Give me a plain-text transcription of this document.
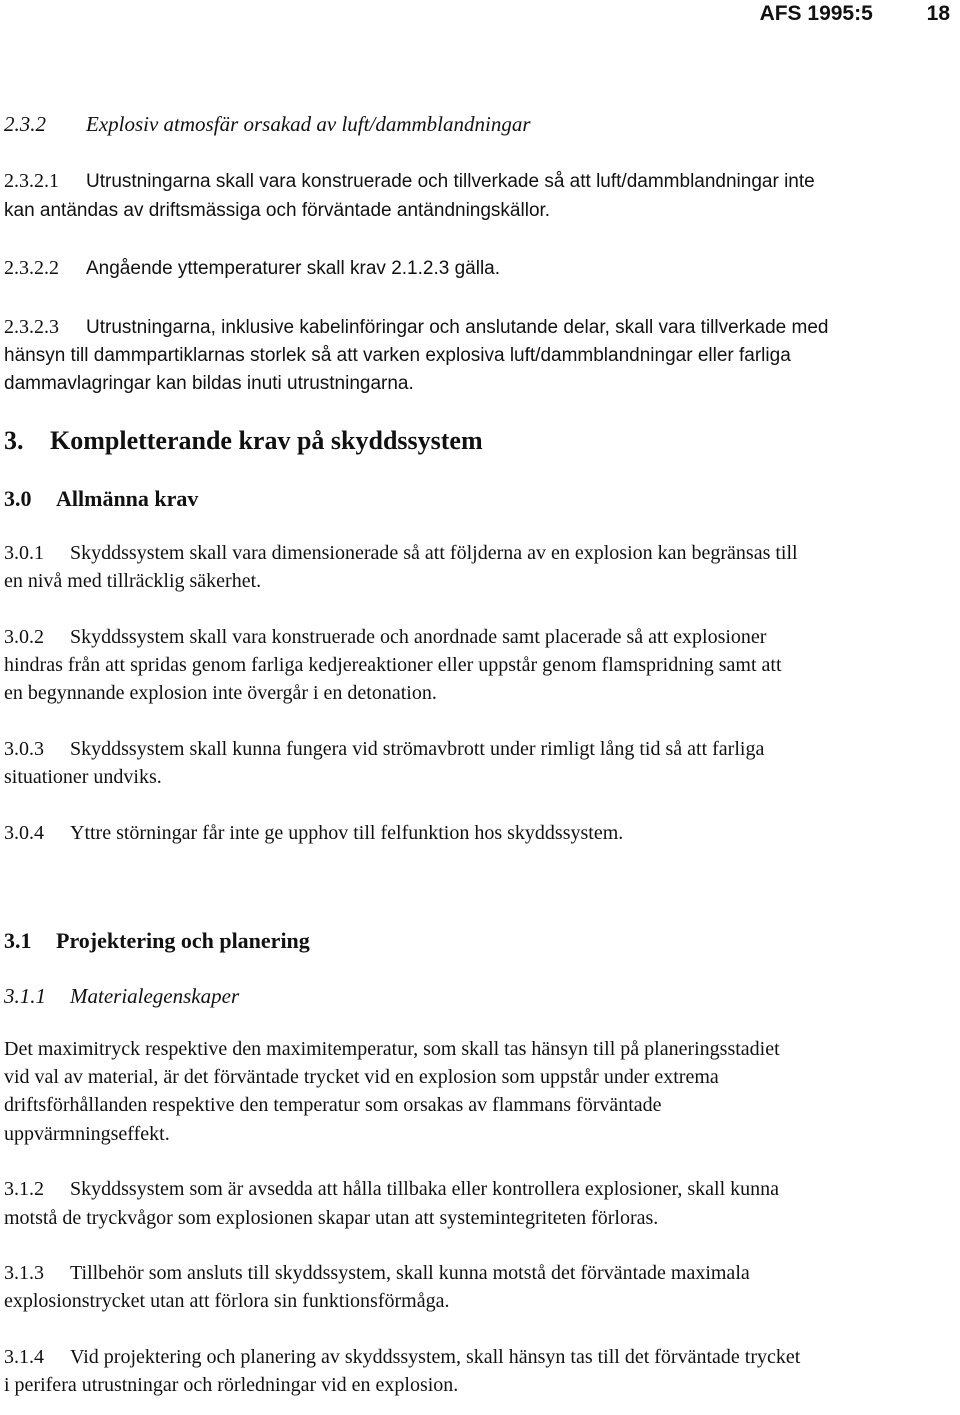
AFS 1995:5	18
2.3.2 Explosiv atmosfär orsakad av luft/dammblandningar
2.3.2.1 Utrustningarna skall vara konstruerade och tillverkade så att luft/dammblandningar inte
kan antändas av driftsmässiga och förväntade antändningskällor.
2.3.2.2 Angående yttemperaturer skall krav 2.1.2.3 gälla.
2.3.2.3 Utrustningarna, inklusive kabelinföringar och anslutande delar, skall vara tillverkade med
hänsyn till dammpartiklarnas storlek så att varken explosiva luft/dammblandningar eller farliga
dammavlagringar kan bildas inuti utrustningarna.
3. Kompletterande krav på skyddssystem
3.0 Allmänna krav
3.0.1 Skyddssystem skall vara dimensionerade så att följderna av en explosion kan begränsas till
en nivå med tillräcklig säkerhet.
3.0.2 Skyddssystem skall vara konstruerade och anordnade samt placerade så att explosioner
hindras från att spridas genom farliga kedjereaktioner eller uppstår genom flamspridning samt att
en begynnande explosion inte övergår i en detonation.
3.0.3 Skyddssystem skall kunna fungera vid strömavbrott under rimligt lång tid så att farliga
situationer undviks.
3.0.4 Yttre störningar får inte ge upphov till felfunktion hos skyddssystem.
3.1 Projektering och planering
3.1.1 Materialegenskaper
Det maximitryck respektive den maximitemperatur, som skall tas hänsyn till på planeringsstadiet
vid val av material, är det förväntade trycket vid en explosion som uppstår under extrema
driftsförhållanden respektive den temperatur som orsakas av flammans förväntade
uppvärmningseffekt.
3.1.2 Skyddssystem som är avsedda att hålla tillbaka eller kontrollera explosioner, skall kunna
motstå de tryckvågor som explosionen skapar utan att systemintegriteten förloras.
3.1.3 Tillbehör som ansluts till skyddssystem, skall kunna motstå det förväntade maximala
explosionstrycket utan att förlora sin funktionsförmåga.
3.1.4 Vid projektering och planering av skyddssystem, skall hänsyn tas till det förväntade trycket
i perifera utrustningar och rörledningar vid en explosion.
